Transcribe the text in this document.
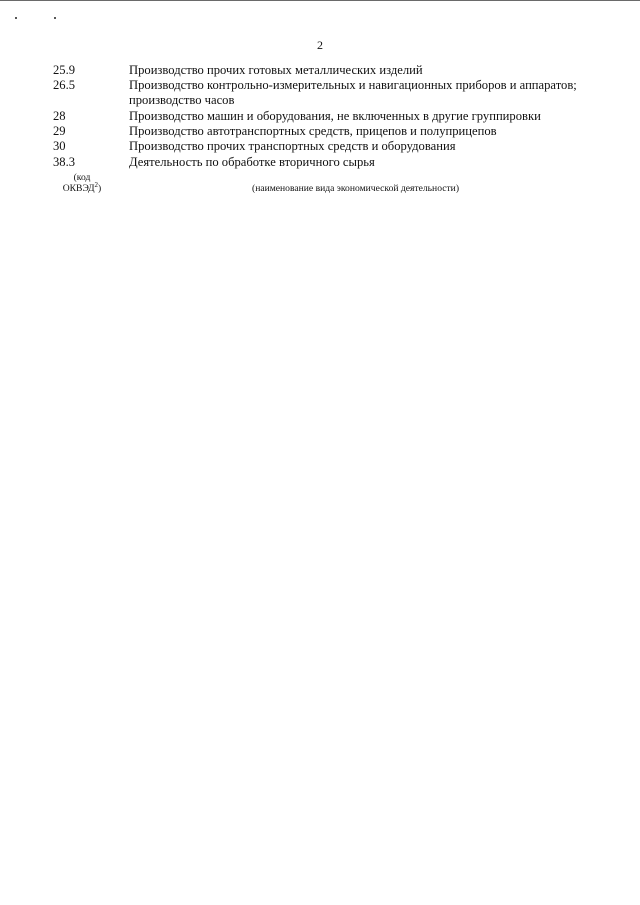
2
25.9	Производство прочих готовых металлических изделий
26.5	Производство контрольно-измерительных и навигационных приборов и аппаратов; производство часов
28	Производство машин и оборудования, не включенных в другие группировки
29	Производство автотранспортных средств, прицепов и полуприцепов
30	Производство прочих транспортных средств и оборудования
38.3	Деятельность по обработке вторичного сырья
(код
ОКВЭД$^2$)	(наименование вида экономической деятельности)
